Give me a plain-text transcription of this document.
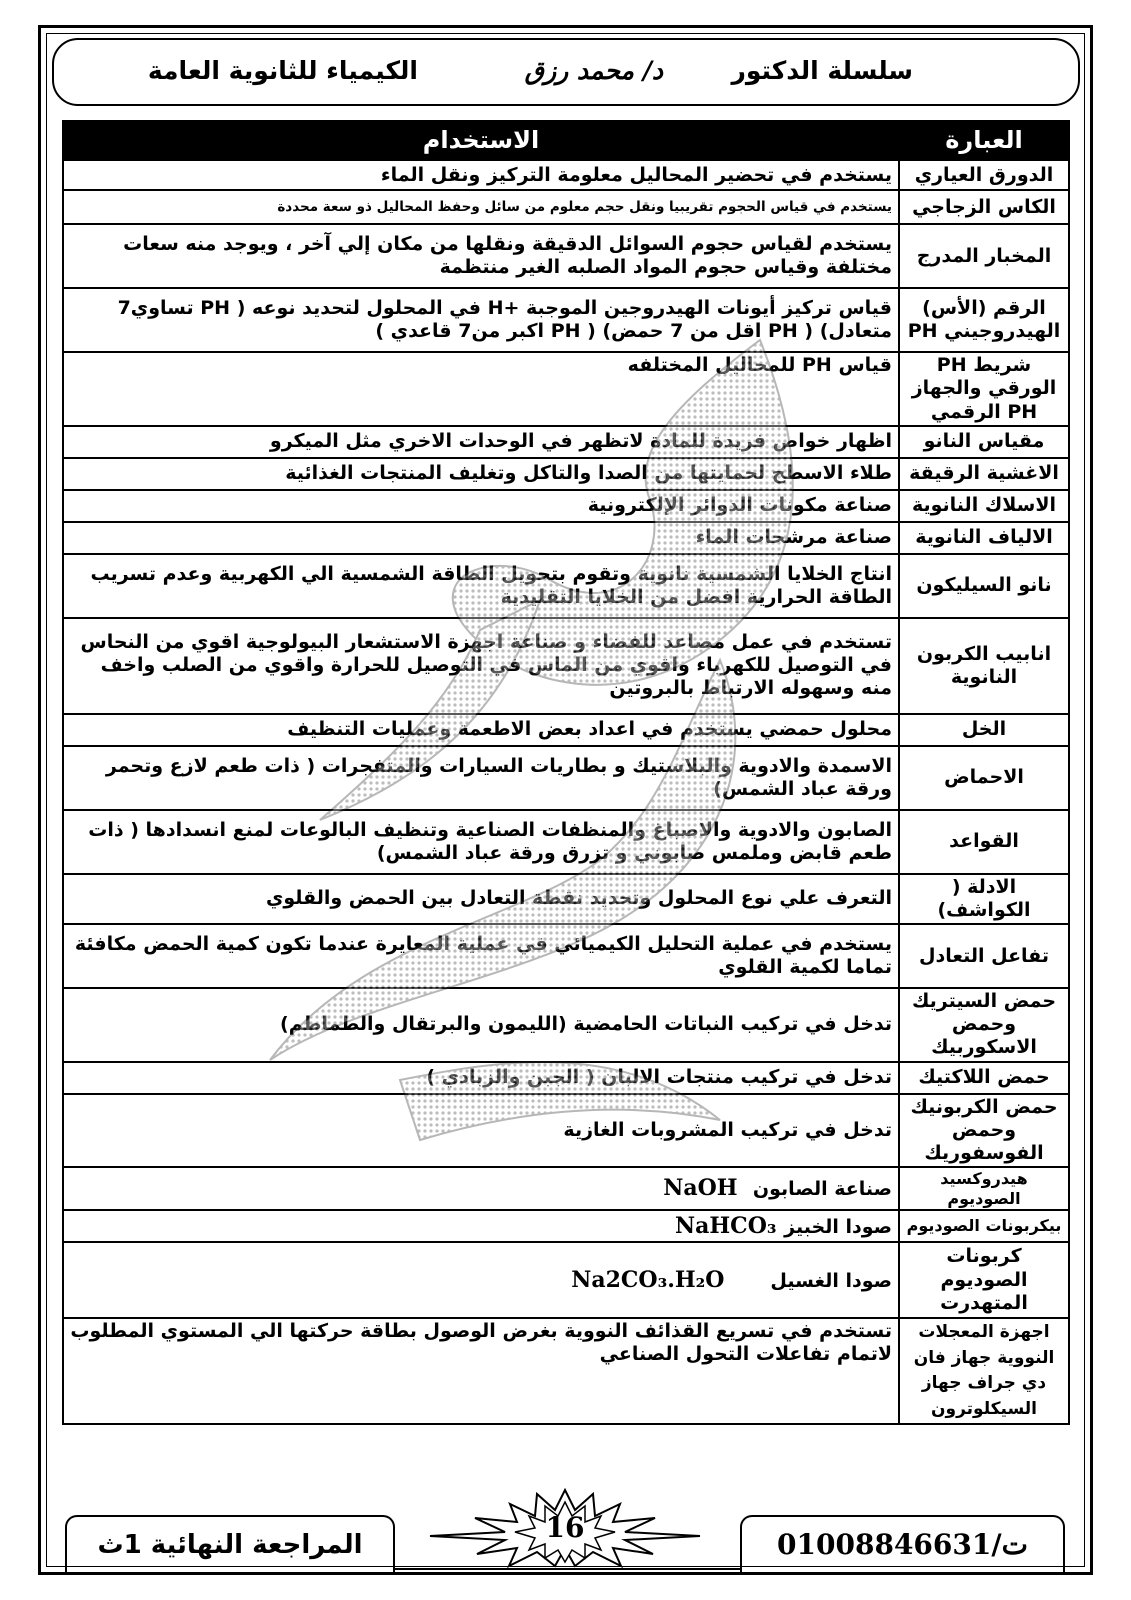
سلسلة الدكتور
د/ محمد رزق
الكيمياء للثانوية العامة
العبارة	الاستخدام
الدورق العياري	يستخدم في تحضير المحاليل معلومة التركيز ونقل الماء
الكاس الزجاجي	يستخدم في قياس الحجوم تقريبيا ونقل حجم معلوم من سائل وحفظ المحاليل ذو سعة محددة
المخبار المدرج	يستخدم لقياس حجوم السوائل الدقيقة ونقلها من مكان إلي آخر ، ويوجد منه سعات مختلفة وقياس حجوم المواد الصلبه الغير منتظمة
الرقم (الأس) الهيدروجيني PH	قياس تركيز أيونات الهيدروجين الموجبة +H في المحلول لتحديد نوعه ( PH تساوي7 متعادل) ( PH اقل من 7 حمض) ( PH اكبر من7 قاعدي )
شريط PH الورقي والجهاز PH الرقمي	قياس PH للمحاليل المختلفه
مقياس النانو	اظهار خواص فريدة للمادة لاتظهر في الوحدات الاخري مثل الميكرو
الاغشية الرقيقة	طلاء الاسطح لحمايتها من الصدا والتاكل وتغليف المنتجات الغذائية
الاسلاك النانوية	صناعة مكونات الدوائر الإلكترونية
الالياف النانوية	صناعة مرشحات الماء
نانو السيليكون	انتاج الخلايا الشمسية نانوية وتقوم بتحويل الطاقة الشمسية الي الكهربية وعدم تسريب الطاقة الحرارية افضل من الخلايا التقليدية
انابيب الكربون النانوية	تستخدم في عمل مصاعد للفضاء و صناعة اجهزة الاستشعار البيولوجية اقوي من النحاس في التوصيل للكهرباء واقوي من الماس في التوصيل للحرارة واقوي من الصلب واخف منه وسهوله الارتباط بالبروتين
الخل	محلول حمضي يستخدم في اعداد بعض الاطعمة وعمليات التنظيف
الاحماض	الاسمدة والادوية والبلاستيك و بطاريات السيارات والمتفجرات ( ذات طعم لازع وتحمر ورقة عباد الشمس)
القواعد	الصابون والادوية والاصباغ والمنظفات الصناعية وتنظيف البالوعات لمنع انسدادها ( ذات طعم قابض وملمس صابوني و تزرق ورقة عباد الشمس)
الادلة ( الكواشف)	التعرف علي نوع المحلول وتحديد نقطة التعادل بين الحمض والقلوي
تفاعل التعادل	يستخدم في عملية التحليل الكيميائي في عملية المعايرة عندما تكون كمية الحمض مكافئة تماما لكمية القلوي
حمض السيتريك وحمض الاسكوربيك	تدخل في تركيب النباتات الحامضية (الليمون والبرتقال والطماطم)
حمض اللاكتيك	تدخل في تركيب منتجات الالبان ( الجبن والزبادي )
حمض الكربونيك وحمض الفوسفوريك	تدخل في تركيب المشروبات الغازية
هيدروكسيد الصوديوم	صناعة الصابون  NaOH
بيكربونات الصوديوم	صودا الخبيز NaHCO₃
كربونات الصوديوم المتهدرت	صودا الغسيل      Na2CO₃.H₂O
اجهزة المعجلات النووية جهاز فان دي جراف جهاز السيكلوترون	تستخدم في تسريع القذائف النووية بغرض الوصول بطاقة حركتها الي المستوي المطلوب لاتمام تفاعلات التحول الصناعي
المراجعة النهائية 1ث
16
ت/01008846631
